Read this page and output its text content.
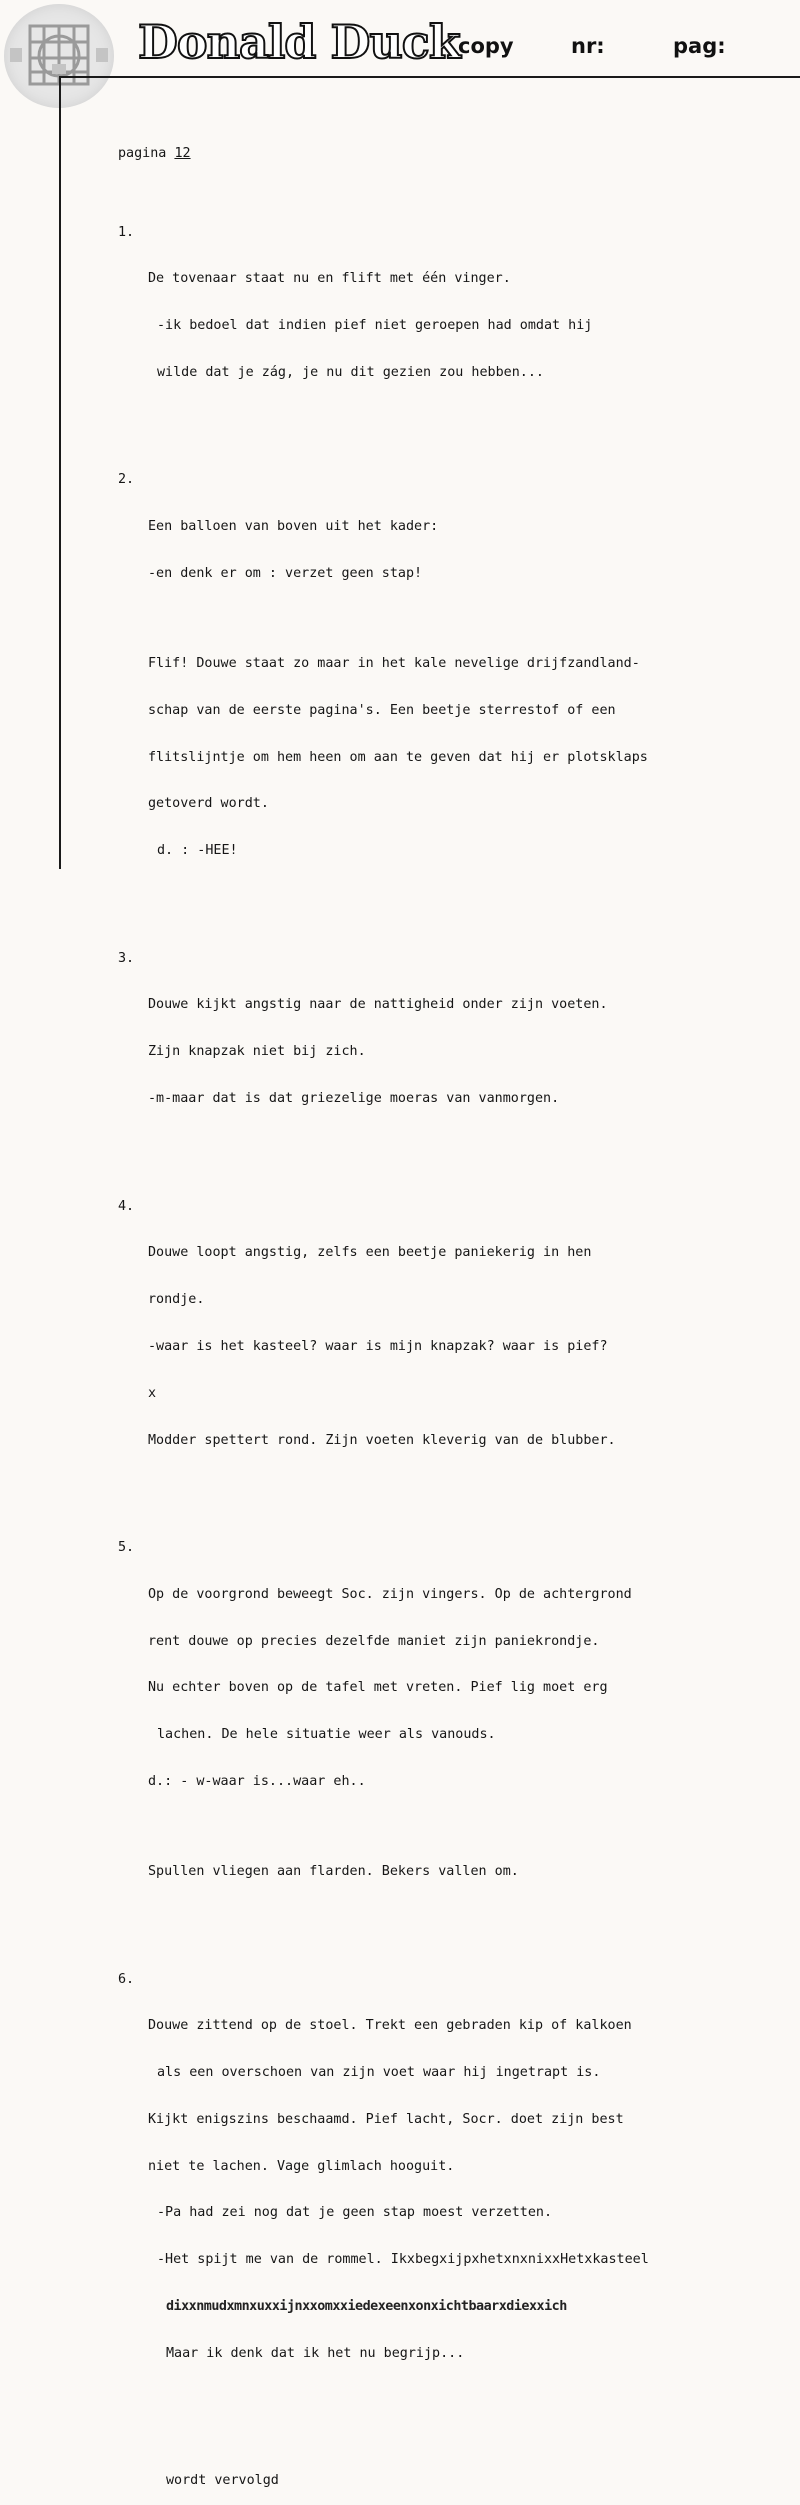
Donald Duck
copy	nr:	pag:

pagina 12

1.

De tovenaar staat nu en flift met één vinger.

-ik bedoel dat indien pief niet geroepen had omdat hij

wilde dat je zág, je nu dit gezien zou hebben...

2.

Een balloen van boven uit het kader:

-en denk er om : verzet geen stap!

Flif! Douwe staat zo maar in het kale nevelige drijfzandland-

schap van de eerste pagina's. Een beetje sterrestof of een

flitslijntje om hem heen om aan te geven dat hij er plotsklaps

getoverd wordt.

d. : -HEE!

3.

Douwe kijkt angstig naar de nattigheid onder zijn voeten.

Zijn knapzak niet bij zich.

-m-maar dat is dat griezelige moeras van vanmorgen.

4.

Douwe loopt angstig, zelfs een beetje paniekerig in hen

rondje.

-waar is het kasteel? waar is mijn knapzak? waar is pief?

x

Modder spettert rond. Zijn voeten kleverig van de blubber.

5.

Op de voorgrond beweegt Soc. zijn vingers. Op de achtergrond

rent douwe op precies dezelfde maniet zijn paniekrondje.

Nu echter boven op de tafel met vreten. Pief lig moet erg

lachen. De hele situatie weer als vanouds.

d.: - w-waar is...waar eh..

Spullen vliegen aan flarden. Bekers vallen om.

6.

Douwe zittend op de stoel. Trekt een gebraden kip of kalkoen

als een overschoen van zijn voet waar hij ingetrapt is.

Kijkt enigszins beschaamd. Pief lacht, Socr. doet zijn best

niet te lachen. Vage glimlach hooguit.

-Pa had zei nog dat je geen stap moest verzetten.

-Het spijt me van de rommel. IkxbegxijpxhetxnxnixxHetxkasteel

dixxnmudxmnxuxxijnxxomxxiedexeenxonxichtbaarxdiexxich

Maar ik denk dat ik het nu begrijp...

wordt vervolgd
